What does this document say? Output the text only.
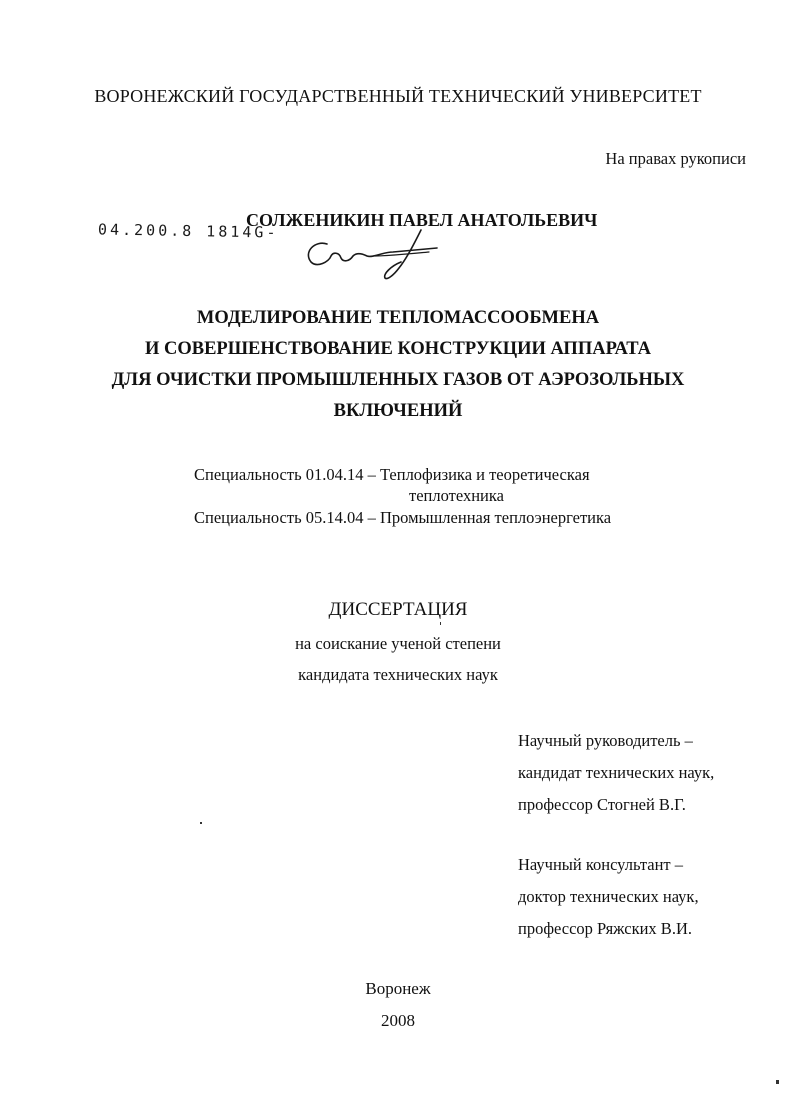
ВОРОНЕЖСКИЙ ГОСУДАРСТВЕННЫЙ ТЕХНИЧЕСКИЙ УНИВЕРСИТЕТ
На правах рукописи
04.200.8 1814G-
СОЛЖЕНИКИН ПАВЕЛ АНАТОЛЬЕВИЧ
МОДЕЛИРОВАНИЕ ТЕПЛОМАССООБМЕНА
И СОВЕРШЕНСТВОВАНИЕ КОНСТРУКЦИИ АППАРАТА
ДЛЯ ОЧИСТКИ ПРОМЫШЛЕННЫХ ГАЗОВ ОТ АЭРОЗОЛЬНЫХ
ВКЛЮЧЕНИЙ
Специальность 01.04.14 – Теплофизика и теоретическая
теплотехника
Специальность 05.14.04 – Промышленная теплоэнергетика
ДИССЕРТАЦИЯ
на соискание ученой степени
кандидата технических наук
Научный руководитель –
кандидат технических наук,
профессор Стогней В.Г.
Научный консультант –
доктор технических наук,
профессор Ряжских В.И.
Воронеж
2008
